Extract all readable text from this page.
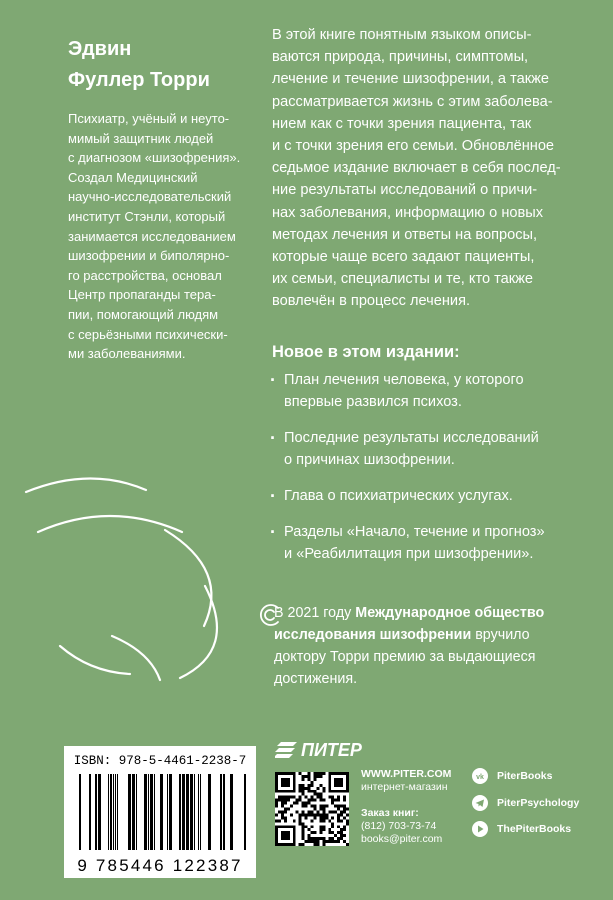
Эдвин
Фуллер Торри
Психиатр, учёный и неуто-
мимый защитник людей
с диагнозом «шизофрения».
Создал Медицинский
научно-исследовательский
институт Стэнли, который
занимается исследованием
шизофрении и биполярно-
го расстройства, основал
Центр пропаганды тера-
пии, помогающий людям
с серьёзными психически-
ми заболеваниями.

В этой книге понятным языком описы-
ваются природа, причины, симптомы,
лечение и течение шизофрении, а также
рассматривается жизнь с этим заболева-
нием как с точки зрения пациента, так
и с точки зрения его семьи. Обновлённое
седьмое издание включает в себя послед-
ние результаты исследований о причи-
нах заболевания, информацию о новых
методах лечения и ответы на вопросы,
которые чаще всего задают пациенты,
их семьи, специалисты и те, кто также
вовлечён в процесс лечения.

Новое в этом издании:
· План лечения человека, у которого
впервые развился психоз.
· Последние результаты исследований
о причинах шизофрении.
· Глава о психиатрических услугах.
· Разделы «Начало, течение и прогноз»
и «Реабилитация при шизофрении».
В 2021 году Международное общество
исследования шизофрении вручило
доктору Торри премию за выдающиеся
достижения.
ISBN: 978-5-4461-2238-7
9 785446 122387
ПИТЕР
WWW.PITER.COM
интернет-магазин
Заказ книг:
(812) 703-73-74
books@piter.com
vk PiterBooks
PiterPsychology
ThePiterBooks
